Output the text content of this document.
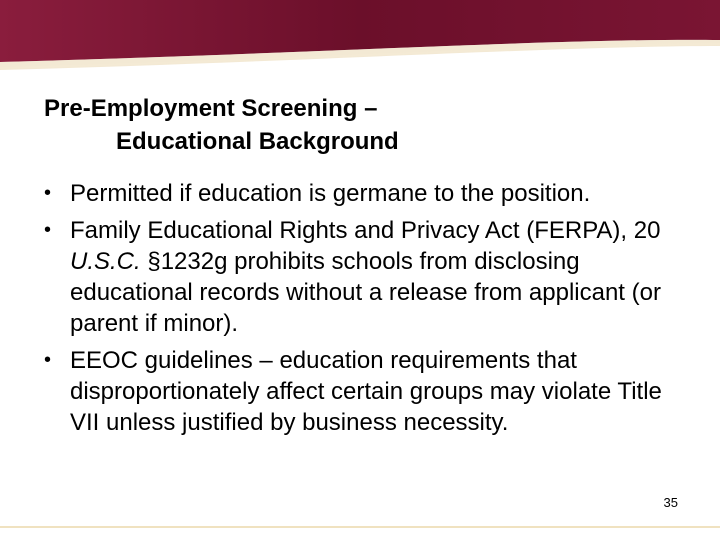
Pre-Employment Screening –
Educational Background
• Permitted if education is germane to the position.
• Family Educational Rights and Privacy Act (FERPA), 20 U.S.C. §1232g prohibits schools from disclosing educational records without a release from applicant (or parent if minor).
• EEOC guidelines – education requirements that disproportionately affect certain groups may violate Title VII unless justified by business necessity.
35
